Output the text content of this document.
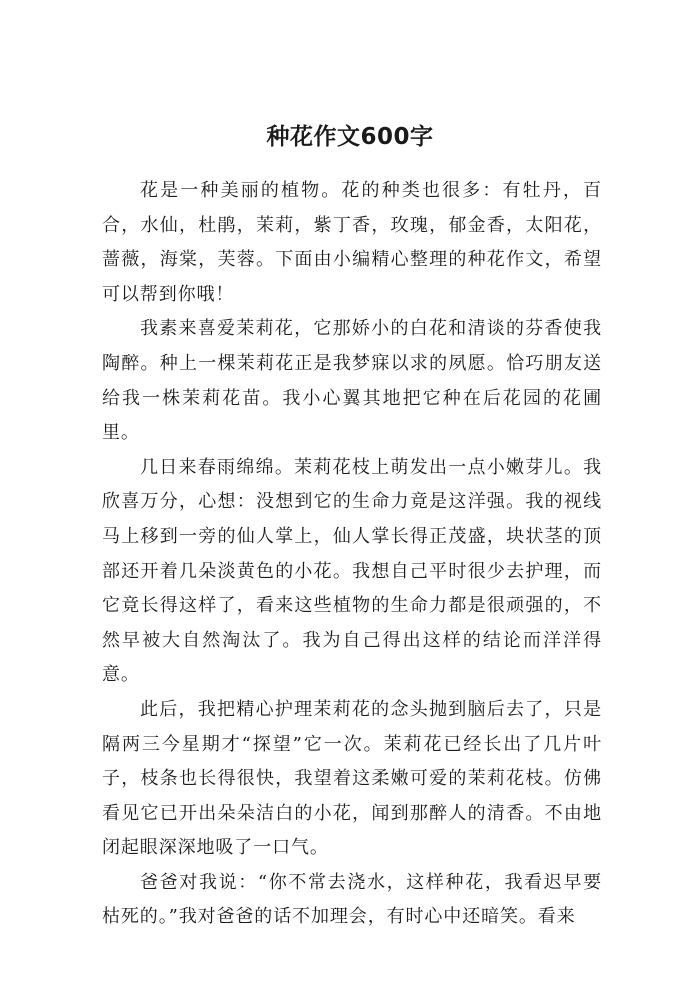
种花作文600字

花是一种美丽的植物。花的种类也很多：有牡丹，百合，水仙，杜鹃，茉莉，紫丁香，玫瑰，郁金香，太阳花，蔷薇，海棠，芙蓉。下面由小编精心整理的种花作文，希望可以帮到你哦！

我素来喜爱茉莉花，它那娇小的白花和清谈的芬香使我陶醉。种上一棵茉莉花正是我梦寐以求的夙愿。恰巧朋友送给我一株茉莉花苗。我小心翼其地把它种在后花园的花圃里。

几日来春雨绵绵。茉莉花枝上萌发出一点小嫩芽儿。我欣喜万分，心想：没想到它的生命力竟是这洋强。我的视线马上移到一旁的仙人掌上，仙人掌长得正茂盛，块状茎的顶部还开着几朵淡黄色的小花。我想自己平时很少去护理，而它竟长得这样了，看来这些植物的生命力都是很顽强的，不然早被大自然淘汰了。我为自己得出这样的结论而洋洋得意。

此后，我把精心护理茉莉花的念头抛到脑后去了，只是隔两三今星期才“探望”它一次。茉莉花已经长出了几片叶子，枝条也长得很快，我望着这柔嫩可爱的茉莉花枝。仿佛看见它已开出朵朵洁白的小花，闻到那醉人的清香。不由地闭起眼深深地吸了一口气。

爸爸对我说：“你不常去浇水，这样种花，我看迟早要枯死的。”我对爸爸的话不加理会，有时心中还暗笑。看来
